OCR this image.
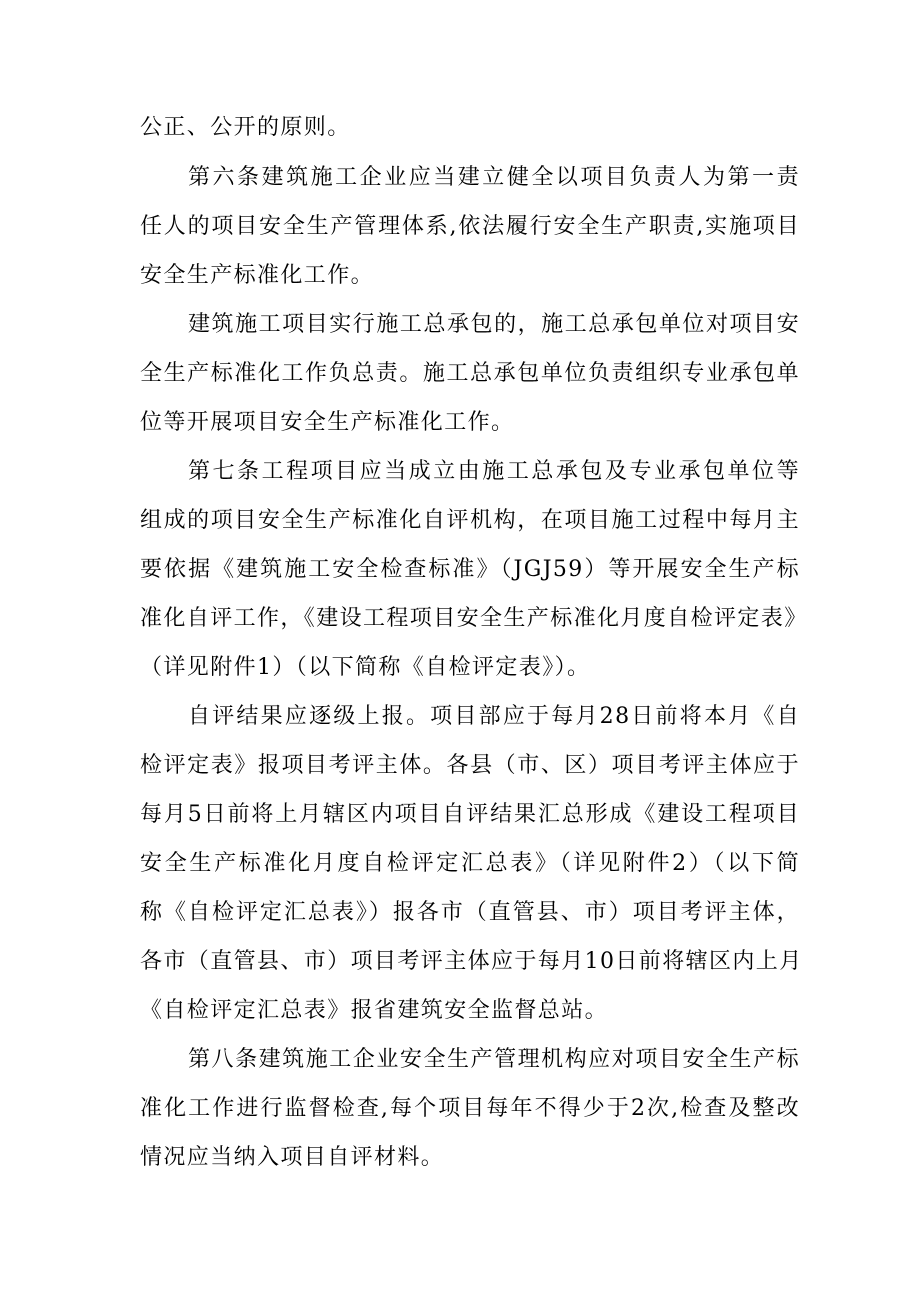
公正、公开的原则。
第六条建筑施工企业应当建立健全以项目负责人为第一责
任人的项目安全生产管理体系,依法履行安全生产职责,实施项目
安全生产标准化工作。
建筑施工项目实行施工总承包的，施工总承包单位对项目安
全生产标准化工作负总责。施工总承包单位负责组织专业承包单
位等开展项目安全生产标准化工作。
第七条工程项目应当成立由施工总承包及专业承包单位等
组成的项目安全生产标准化自评机构，在项目施工过程中每月主
要依据《建筑施工安全检查标准》（JGJ59）等开展安全生产标
准化自评工作，《建设工程项目安全生产标准化月度自检评定表》
（详见附件1）（以下简称《自检评定表》）。
自评结果应逐级上报。项目部应于每月28日前将本月《自
检评定表》报项目考评主体。各县（市、区）项目考评主体应于
每月5日前将上月辖区内项目自评结果汇总形成《建设工程项目
安全生产标准化月度自检评定汇总表》（详见附件2）（以下简
称《自检评定汇总表》）报各市（直管县、市）项目考评主体，
各市（直管县、市）项目考评主体应于每月10日前将辖区内上月
《自检评定汇总表》报省建筑安全监督总站。
第八条建筑施工企业安全生产管理机构应对项目安全生产标
准化工作进行监督检查,每个项目每年不得少于2次,检查及整改
情况应当纳入项目自评材料。
